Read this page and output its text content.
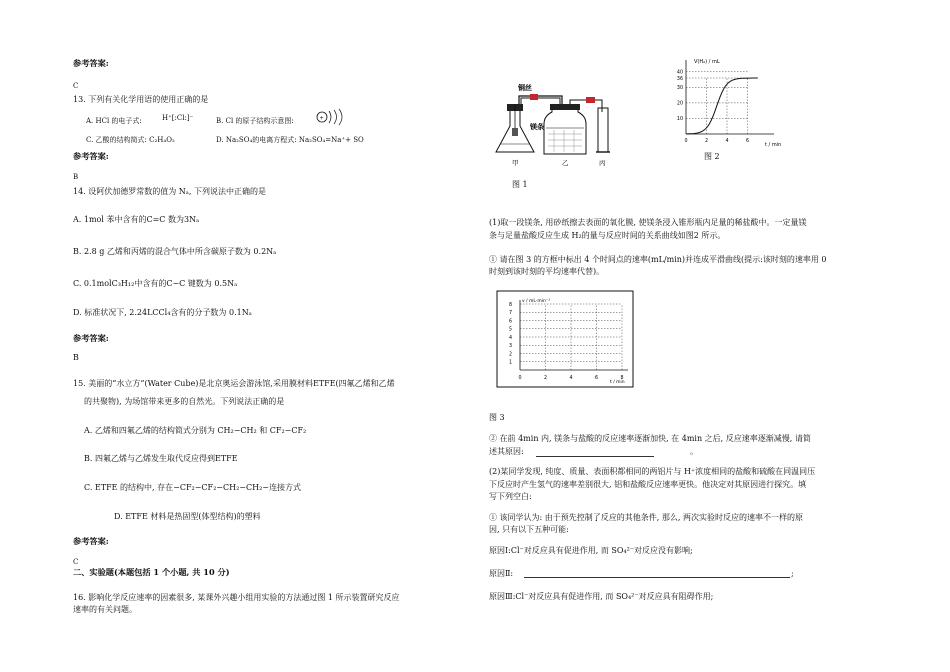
参考答案:
C
13. 下列有关化学用语的使用正确的是
A. HCl 的电子式:	H⁺[:Cl:]⁻	B. Cl 的原子结构示意图:	+
C. 乙酸的结构简式: C₂H₄O₂	D. Na₂SO₄的电离方程式: Na₂SO₄=Na⁺+ SO
参考答案:
B
14. 设阿伏加德罗常数的值为 Nₐ, 下列说法中正确的是
A. 1mol 苯中含有的C=C 数为3Nₐ
B. 2.8 g 乙烯和丙烯的混合气体中所含碳原子数为 0.2Nₐ
C. 0.1molC₃H₁₂中含有的C−C 键数为 0.5Nₐ
D. 标准状况下, 2.24LCCl₄含有的分子数为 0.1Nₐ
参考答案:
B
15. 美丽的“水立方”(Water Cube)是北京奥运会游泳馆,采用膜材料ETFE(四氟乙烯和乙烯
的共聚物), 为场馆带来更多的自然光。下列说法正确的是
A. 乙烯和四氟乙烯的结构简式分别为 CH₂−CH₂ 和 CF₂−CF₂
B. 四氟乙烯与乙烯发生取代反应得到ETFE
C. ETFE 的结构中, 存在−CF₂−CF₂−CH₂−CH₂−连接方式
D. ETFE 材料是热固型(体型结构)的塑料
参考答案:
C
二、实验题(本题包括 1 个小题, 共 10 分)
16. 影响化学反应速率的因素很多, 某课外兴趣小组用实验的方法通过图 1 所示装置研究反应
速率的有关问题。
铜丝
镁条
甲	乙	丙
图 1
V(H₂) / mL
t / min
10
20
30
36
40
0	2	4	6
图 2
(1)取一段镁条, 用砂纸擦去表面的氧化膜, 使镁条浸入锥形瓶内足量的稀盐酸中。一定量镁
条与足量盐酸反应生成 H₂的量与反应时间的关系曲线如图2 所示。
① 请在图 3 的方框中标出 4 个时间点的速率(mL/min)并连成平滑曲线(提示:该时刻的速率用 0
时刻到该时刻的平均速率代替)。
v / mL·min⁻¹
t / min
1
2
3
4
5
6
7
8
0	2	4	6	8
图 3
② 在前 4min 内, 镁条与盐酸的反应速率逐渐加快, 在 4min 之后, 反应速率逐渐减慢, 请简
述其原因:	。
(2)某同学发现, 纯度、质量、表面积都相同的两铝片与 H⁺浓度相同的盐酸和硫酸在同温同压
下反应时产生氢气的速率差别很大, 铝和盐酸反应速率更快。他决定对其原因进行探究。填
写下列空白:
① 该同学认为: 由于预先控制了反应的其他条件, 那么, 两次实验时反应的速率不一样的原
因, 只有以下五种可能:
原因Ⅰ:Cl⁻对反应具有促进作用, 而 SO₄²⁻对反应没有影响;
原因Ⅱ:	;
原因Ⅲ:Cl⁻对反应具有促进作用, 而 SO₄²⁻对反应具有阻碍作用;
